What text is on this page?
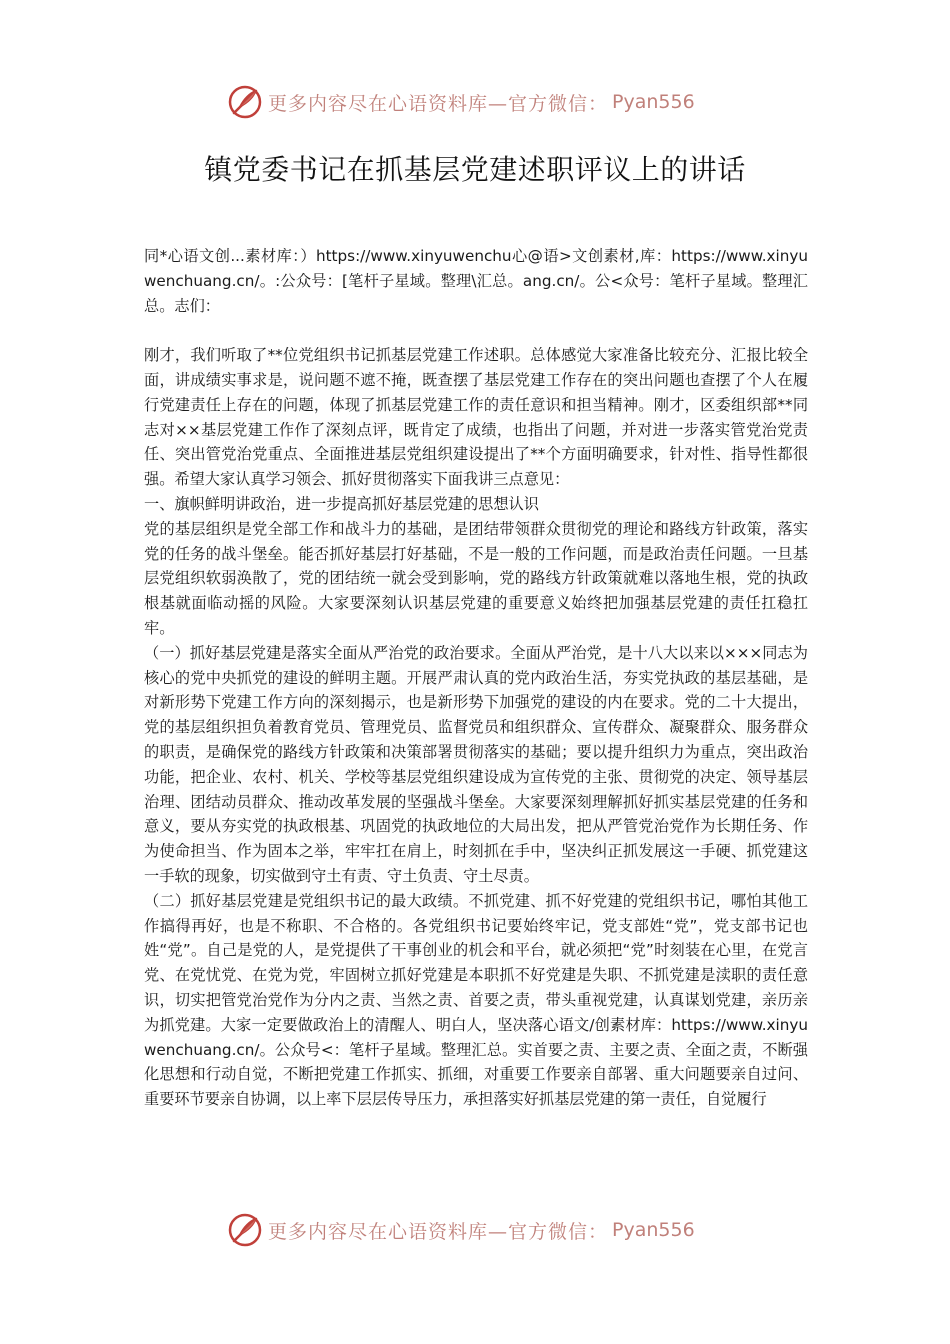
更多内容尽在心语资料库—官方微信： Pyan556
镇党委书记在抓基层党建述职评议上的讲话

同*心语文创...素材库：）https://www.xinyuwenchu心@语>文创素材,库：https://www.xinyuwenchuang.cn/。:公众号：[笔杆子星域。整理\汇总。ang.cn/。公<众号：笔杆子星域。整理汇总。志们：

刚才，我们听取了**位党组织书记抓基层党建工作述职。总体感觉大家准备比较充分、汇报比较全面，讲成绩实事求是，说问题不遮不掩，既查摆了基层党建工作存在的突出问题也查摆了个人在履行党建责任上存在的问题，体现了抓基层党建工作的责任意识和担当精神。刚才，区委组织部**同志对××基层党建工作作了深刻点评，既肯定了成绩，也指出了问题，并对进一步落实管党治党责任、突出管党治党重点、全面推进基层党组织建设提出了**个方面明确要求，针对性、指导性都很强。希望大家认真学习领会、抓好贯彻落实下面我讲三点意见：

一、旗帜鲜明讲政治，进一步提高抓好基层党建的思想认识

党的基层组织是党全部工作和战斗力的基础，是团结带领群众贯彻党的理论和路线方针政策，落实党的任务的战斗堡垒。能否抓好基层打好基础，不是一般的工作问题，而是政治责任问题。一旦基层党组织软弱涣散了，党的团结统一就会受到影响，党的路线方针政策就难以落地生根，党的执政根基就面临动摇的风险。大家要深刻认识基层党建的重要意义始终把加强基层党建的责任扛稳扛牢。

（一）抓好基层党建是落实全面从严治党的政治要求。全面从严治党，是十八大以来以×××同志为核心的党中央抓党的建设的鲜明主题。开展严肃认真的党内政治生活，夯实党执政的基层基础，是对新形势下党建工作方向的深刻揭示，也是新形势下加强党的建设的内在要求。党的二十大提出，党的基层组织担负着教育党员、管理党员、监督党员和组织群众、宣传群众、凝聚群众、服务群众的职责，是确保党的路线方针政策和决策部署贯彻落实的基础；要以提升组织力为重点，突出政治功能，把企业、农村、机关、学校等基层党组织建设成为宣传党的主张、贯彻党的决定、领导基层治理、团结动员群众、推动改革发展的坚强战斗堡垒。大家要深刻理解抓好抓实基层党建的任务和意义，要从夯实党的执政根基、巩固党的执政地位的大局出发，把从严管党治党作为长期任务、作为使命担当、作为固本之举，牢牢扛在肩上，时刻抓在手中，坚决纠正抓发展这一手硬、抓党建这一手软的现象，切实做到守土有责、守土负责、守土尽责。

（二）抓好基层党建是党组织书记的最大政绩。不抓党建、抓不好党建的党组织书记，哪怕其他工作搞得再好，也是不称职、不合格的。各党组织书记要始终牢记，党支部姓“党”，党支部书记也姓“党”。自己是党的人，是党提供了干事创业的机会和平台，就必须把“党”时刻装在心里，在党言党、在党忧党、在党为党，牢固树立抓好党建是本职抓不好党建是失职、不抓党建是渎职的责任意识，切实把管党治党作为分内之责、当然之责、首要之责，带头重视党建，认真谋划党建，亲历亲为抓党建。大家一定要做政治上的清醒人、明白人，坚决落心语文/创素材库：https://www.xinyuwenchuang.cn/。公众号<：笔杆子星域。整理汇总。实首要之责、主要之责、全面之责，不断强化思想和行动自觉，不断把党建工作抓实、抓细，对重要工作要亲自部署、重大问题要亲自过问、重要环节要亲自协调，以上率下层层传导压力，承担落实好抓基层党建的第一责任，自觉履行

更多内容尽在心语资料库—官方微信： Pyan556
